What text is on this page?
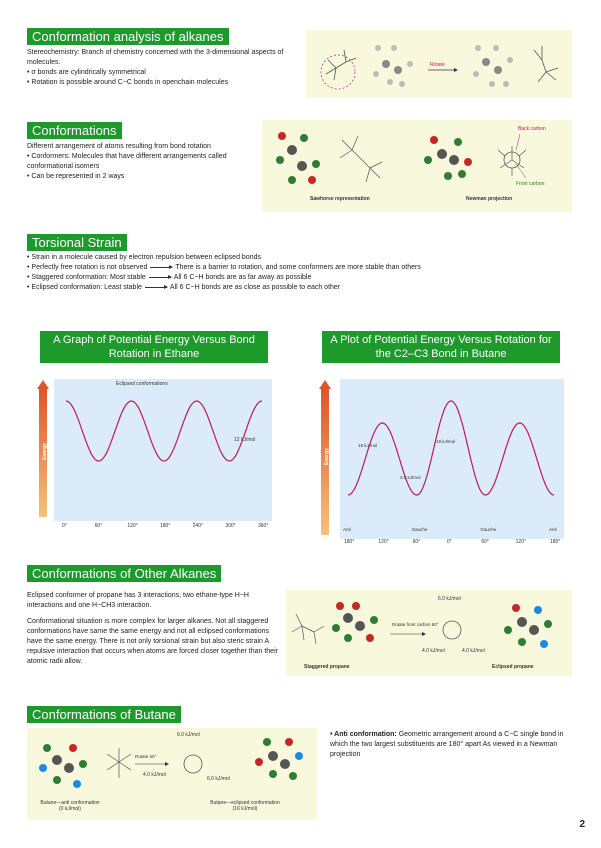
Conformation analysis of alkanes
Stereochemistry: Branch of chemistry concerned with the 3-dimensional aspects of molecules.
• σ bonds are cylindrically symmetrical
• Rotation is possible around C−C bonds in openchain molecules
Rotate
Conformations
Different arrangement of atoms resulting from bond rotation
• Conformers: Molecules that have different arrangements called conformational isomers
• Can be represented in 2 ways
Back carbon
Front carbon
Sawhorse representation	Newman projection
Torsional Strain
• Strain in a molecule caused by electron repulsion between eclipsed bonds
• Perfectly free rotation is not observed	There is a barrier to rotation, and some conformers are more stable than others
• Staggered conformation: Most stable	All 6 C−H bonds are as far away as possible
• Eclipsed conformation: Least stable	All 6 C−H bonds are as close as possible to each other
A Graph of Potential Energy Versus Bond Rotation in Ethane
A Plot of Potential Energy Versus Rotation for the C2–C3 Bond in Butane
Energy
Eclipsed conformations
12 kJ/mol
0°	60°	120°	180°	240°	300°	360°
Energy
19 kJ/mol
3.8 kJ/mol
19 kJ/mol
180°	120°	60°	0°	60°	120°	180°
Anti	Gauche	Gauche	Anti
Conformations of Other Alkanes

Eclipsed conformer of propane has 3 interactions, two ethane-type H−H interactions and one H−CH3 interaction.

Conformational situation is more complex for larger alkanes. Not all staggered conformations have same the same energy and not all eclipsed conformations have the same energy. There is not only torsional strain but also steric strain A repulsive interaction that occurs when atoms are forced closer together than their atomic radii allow.

Rotate front carbon 60°
6.0 kJ/mol
4.0 kJ/mol	4.0 kJ/mol
Staggered propane	Eclipsed propane
Conformations of Butane
Rotate 60°
6.0 kJ/mol
4.0 kJ/mol
6.0 kJ/mol
Butane—anti conformation (0 kJ/mol)
Butane—eclipsed conformation (16 kJ/mol)
• Anti conformation: Geometric arrangement around a C−C single bond in which the two largest substituents are 180° apart As viewed in a Newman projection
2
